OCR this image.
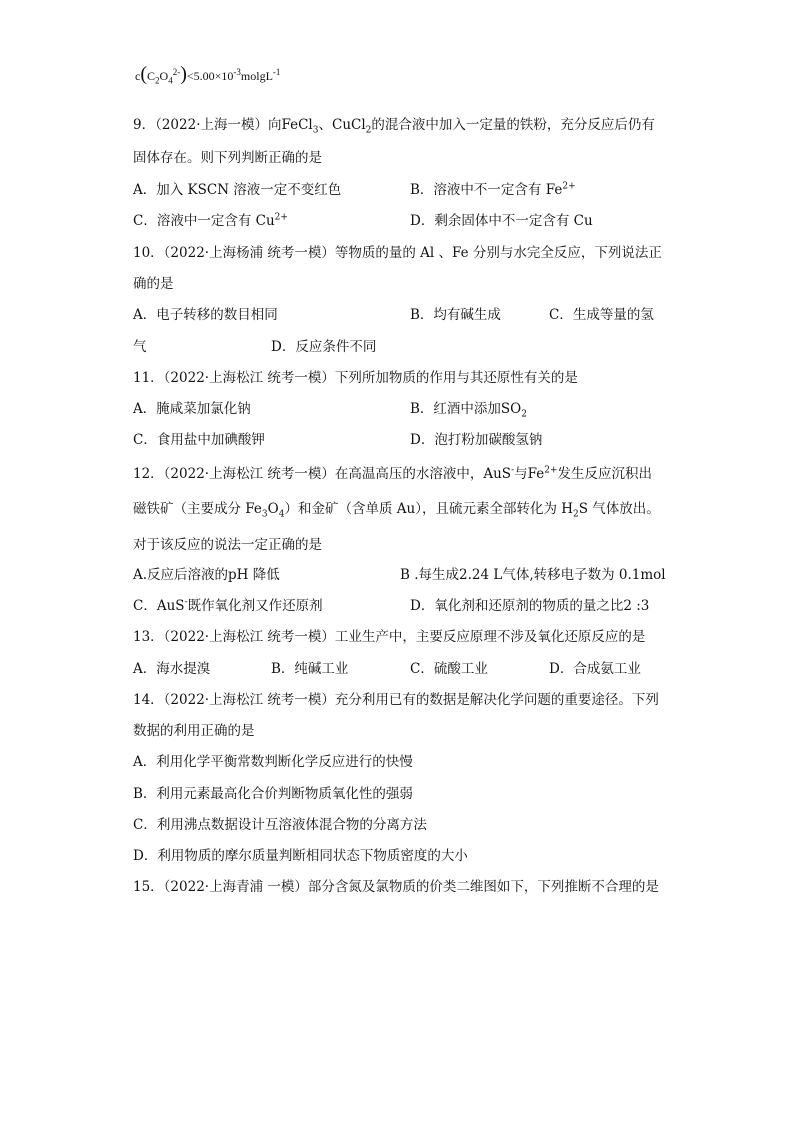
$c(C_2O_4^{2-})<5.00\times 10^{-3}molgL^{-1}$
9．（2022·上海一模）向FeCl$_3$、CuCl$_2$的混合液中加入一定量的铁粉，充分反应后仍有
固体存在。则下列判断正确的是
A．加入 KSCN 溶液一定不变红色	B．溶液中不一定含有 $Fe^{2+}$
C．溶液中一定含有 $Cu^{2+}$	D．剩余固体中不一定含有 Cu
10．（2022·上海杨浦 统考一模）等物质的量的 Al 、Fe 分别与水完全反应，下列说法正
确的是
A．电子转移的数目相同	B．均有碱生成	C．生成等量的氢
气	D．反应条件不同
11．（2022·上海松江 统考一模）下列所加物质的作用与其还原性有关的是
A．腌咸菜加氯化钠	B．红酒中添加$SO_2$
C．食用盐中加碘酸钾	D．泡打粉加碳酸氢钠
12．（2022·上海松江 统考一模）在高温高压的水溶液中，AuS-与$Fe^{2+}$发生反应沉积出
磁铁矿（主要成分 $Fe_3O_4$）和金矿（含单质 Au），且硫元素全部转化为 $H_2S$ 气体放出。
对于该反应的说法一定正确的是
A.反应后溶液的pH 降低	B .每生成2.24 L气体,转移电子数为 0.1mol
C．AuS-既作氧化剂又作还原剂	D．氧化剂和还原剂的物质的量之比2 :3
13．（2022·上海松江 统考一模）工业生产中，主要反应原理不涉及氧化还原反应的是
A．海水提溴	B．纯碱工业	C．硫酸工业	D．合成氨工业
14．（2022·上海松江 统考一模）充分利用已有的数据是解决化学问题的重要途径。下列
数据的利用正确的是
A．利用化学平衡常数判断化学反应进行的快慢
B．利用元素最高化合价判断物质氧化性的强弱
C．利用沸点数据设计互溶液体混合物的分离方法
D．利用物质的摩尔质量判断相同状态下物质密度的大小
15．（2022·上海青浦 一模）部分含氮及氯物质的价类二维图如下，下列推断不合理的是
